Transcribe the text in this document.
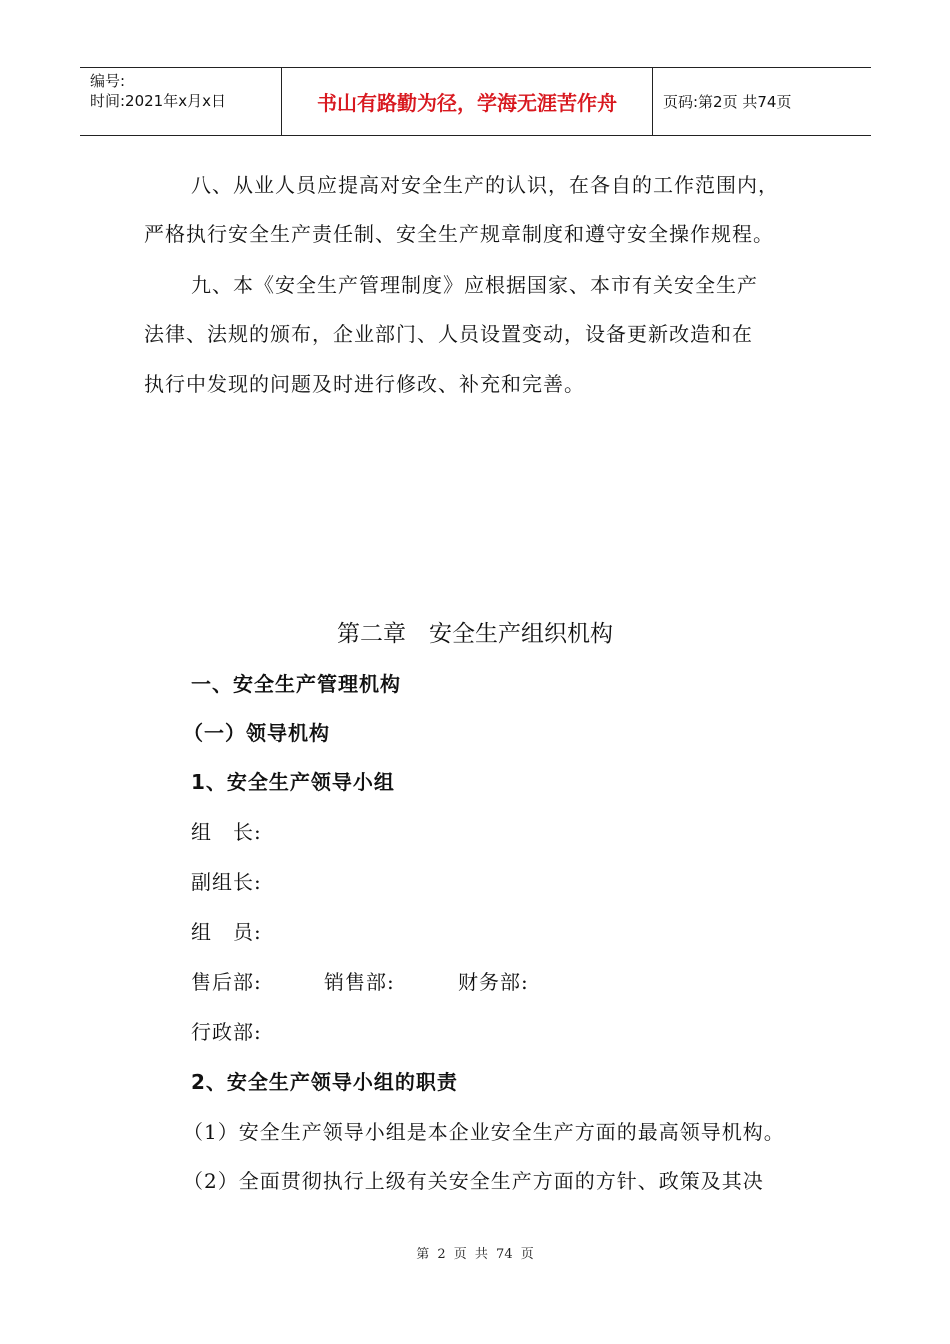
编号:
时间:2021年x月x日	书山有路勤为径，学海无涯苦作舟	页码:第2页 共74页
八、从业人员应提高对安全生产的认识，在各自的工作范围内，
严格执行安全生产责任制、安全生产规章制度和遵守安全操作规程。
九、本《安全生产管理制度》应根据国家、本市有关安全生产
法律、法规的颁布，企业部门、人员设置变动，设备更新改造和在
执行中发现的问题及时进行修改、补充和完善。
第二章　安全生产组织机构
一、安全生产管理机构
（一）领导机构
1、安全生产领导小组
组　长:
副组长:
组　员:
售后部:	销售部:	财务部:
行政部:
2、安全生产领导小组的职责
（1）安全生产领导小组是本企业安全生产方面的最高领导机构。
（2）全面贯彻执行上级有关安全生产方面的方针、政策及其决
第 2 页 共 74 页
